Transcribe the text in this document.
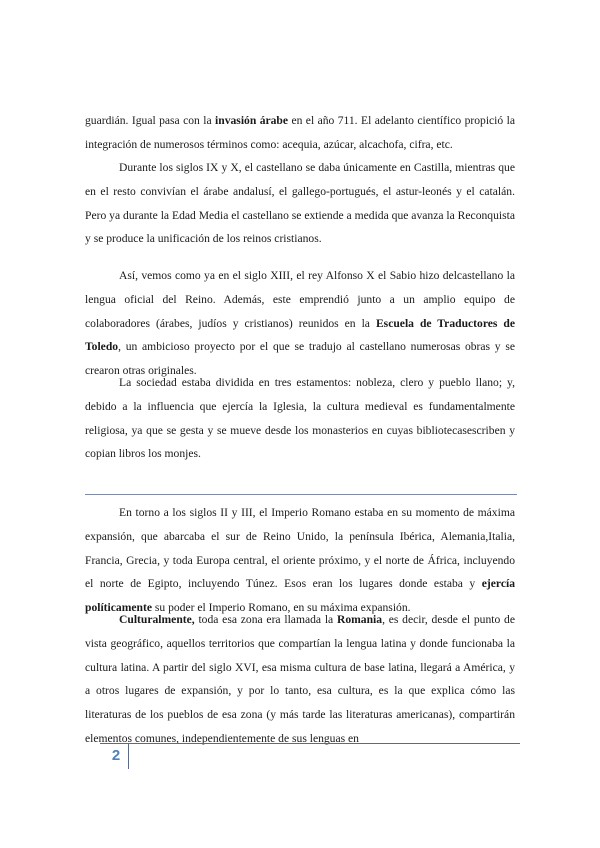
guardián. Igual pasa con la invasión árabe en el año 711. El adelanto científico propició la integración de numerosos términos como: acequia, azúcar, alcachofa, cifra, etc.

Durante los siglos IX y X, el castellano se daba únicamente en Castilla, mientras que en el resto convivían el árabe andalusí, el gallego-portugués, el astur-leonés y el catalán. Pero ya durante la Edad Media el castellano se extiende a medida que avanza la Reconquista y se produce la unificación de los reinos cristianos.

Así, vemos como ya en el siglo XIII, el rey Alfonso X el Sabio hizo delcastellano la lengua oficial del Reino. Además, este emprendió junto a un amplio equipo de colaboradores (árabes, judíos y cristianos) reunidos en la Escuela de Traductores de Toledo, un ambicioso proyecto por el que se tradujo al castellano numerosas obras y se crearon otras originales.

La sociedad estaba dividida en tres estamentos: nobleza, clero y pueblo llano; y, debido a la influencia que ejercía la Iglesia, la cultura medieval es fundamentalmente religiosa, ya que se gesta y se mueve desde los monasterios en cuyas bibliotecasescriben y copian libros los monjes.

En torno a los siglos II y III, el Imperio Romano estaba en su momento de máxima expansión, que abarcaba el sur de Reino Unido, la península Ibérica, Alemania,Italia, Francia, Grecia, y toda Europa central, el oriente próximo, y el norte de África, incluyendo el norte de Egipto, incluyendo Túnez. Esos eran los lugares donde estaba y ejercía políticamente su poder el Imperio Romano, en su máxima expansión.

Culturalmente, toda esa zona era llamada la Romania, es decir, desde el punto de vista geográfico, aquellos territorios que compartían la lengua latina y donde funcionaba la cultura latina. A partir del siglo XVI, esa misma cultura de base latina, llegará a América, y a otros lugares de expansión, y por lo tanto, esa cultura, es la que explica cómo las literaturas de los pueblos de esa zona (y más tarde las literaturas americanas), compartirán elementos comunes, independientemente de sus lenguas en

2
